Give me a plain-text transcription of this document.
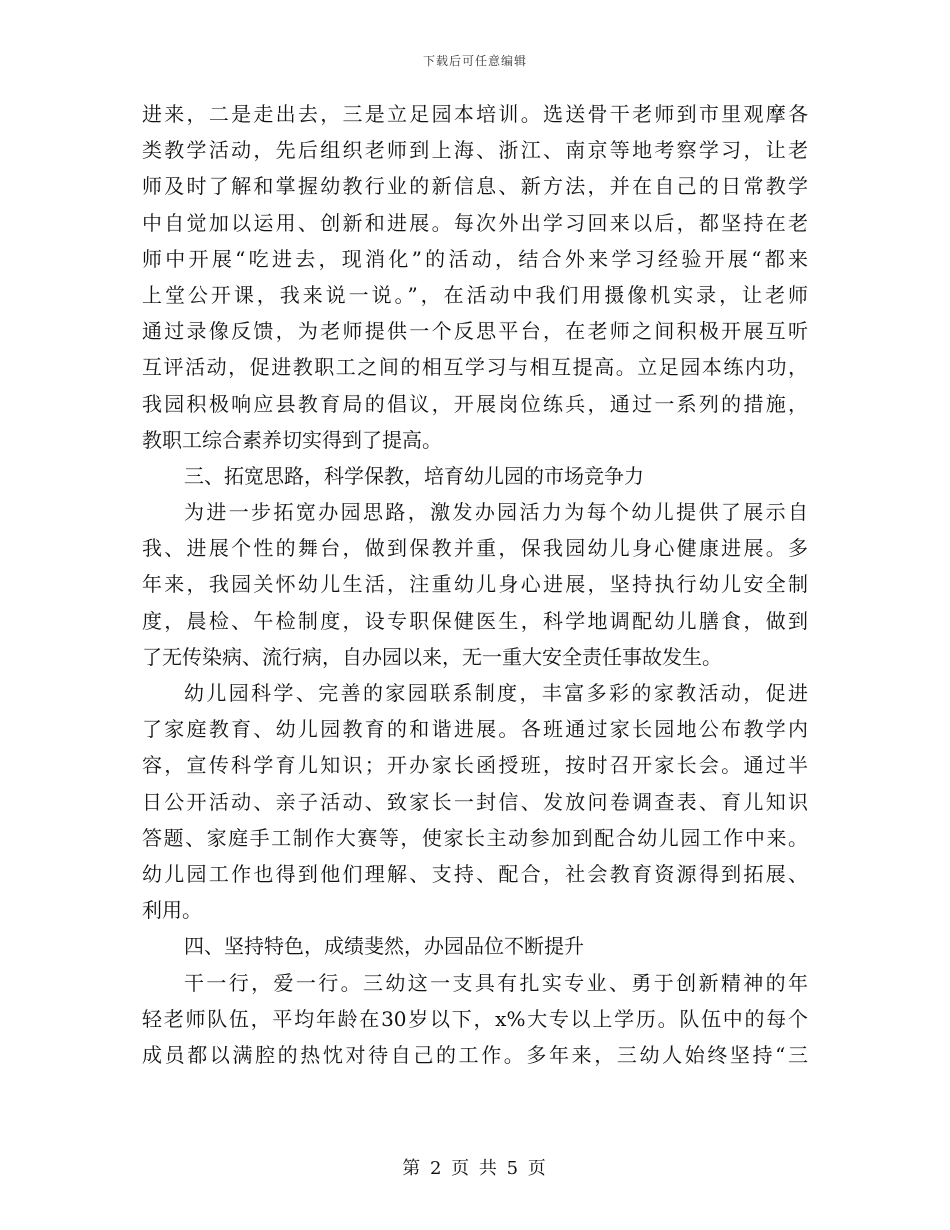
下载后可任意编辑
进来，二是走出去，三是立足园本培训。选送骨干老师到市里观摩各
类教学活动，先后组织老师到上海、浙江、南京等地考察学习，让老
师及时了解和掌握幼教行业的新信息、新方法，并在自己的日常教学
中自觉加以运用、创新和进展。每次外出学习回来以后，都坚持在老
师中开展“吃进去，现消化”的活动，结合外来学习经验开展“都来
上堂公开课，我来说一说。”，在活动中我们用摄像机实录，让老师
通过录像反馈，为老师提供一个反思平台，在老师之间积极开展互听
互评活动，促进教职工之间的相互学习与相互提高。立足园本练内功，
我园积极响应县教育局的倡议，开展岗位练兵，通过一系列的措施，
教职工综合素养切实得到了提高。
三、拓宽思路，科学保教，培育幼儿园的市场竞争力
为进一步拓宽办园思路，激发办园活力为每个幼儿提供了展示自
我、进展个性的舞台，做到保教并重，保我园幼儿身心健康进展。多
年来，我园关怀幼儿生活，注重幼儿身心进展，坚持执行幼儿安全制
度，晨检、午检制度，设专职保健医生，科学地调配幼儿膳食，做到
了无传染病、流行病，自办园以来，无一重大安全责任事故发生。
幼儿园科学、完善的家园联系制度，丰富多彩的家教活动，促进
了家庭教育、幼儿园教育的和谐进展。各班通过家长园地公布教学内
容，宣传科学育儿知识；开办家长函授班，按时召开家长会。通过半
日公开活动、亲子活动、致家长一封信、发放问卷调查表、育儿知识
答题、家庭手工制作大赛等，使家长主动参加到配合幼儿园工作中来。
幼儿园工作也得到他们理解、支持、配合，社会教育资源得到拓展、
利用。
四、坚持特色，成绩斐然，办园品位不断提升
干一行，爱一行。三幼这一支具有扎实专业、勇于创新精神的年
轻老师队伍，平均年龄在30岁以下，x%大专以上学历。队伍中的每个
成员都以满腔的热忱对待自己的工作。多年来，三幼人始终坚持“三
第 2 页 共 5 页
